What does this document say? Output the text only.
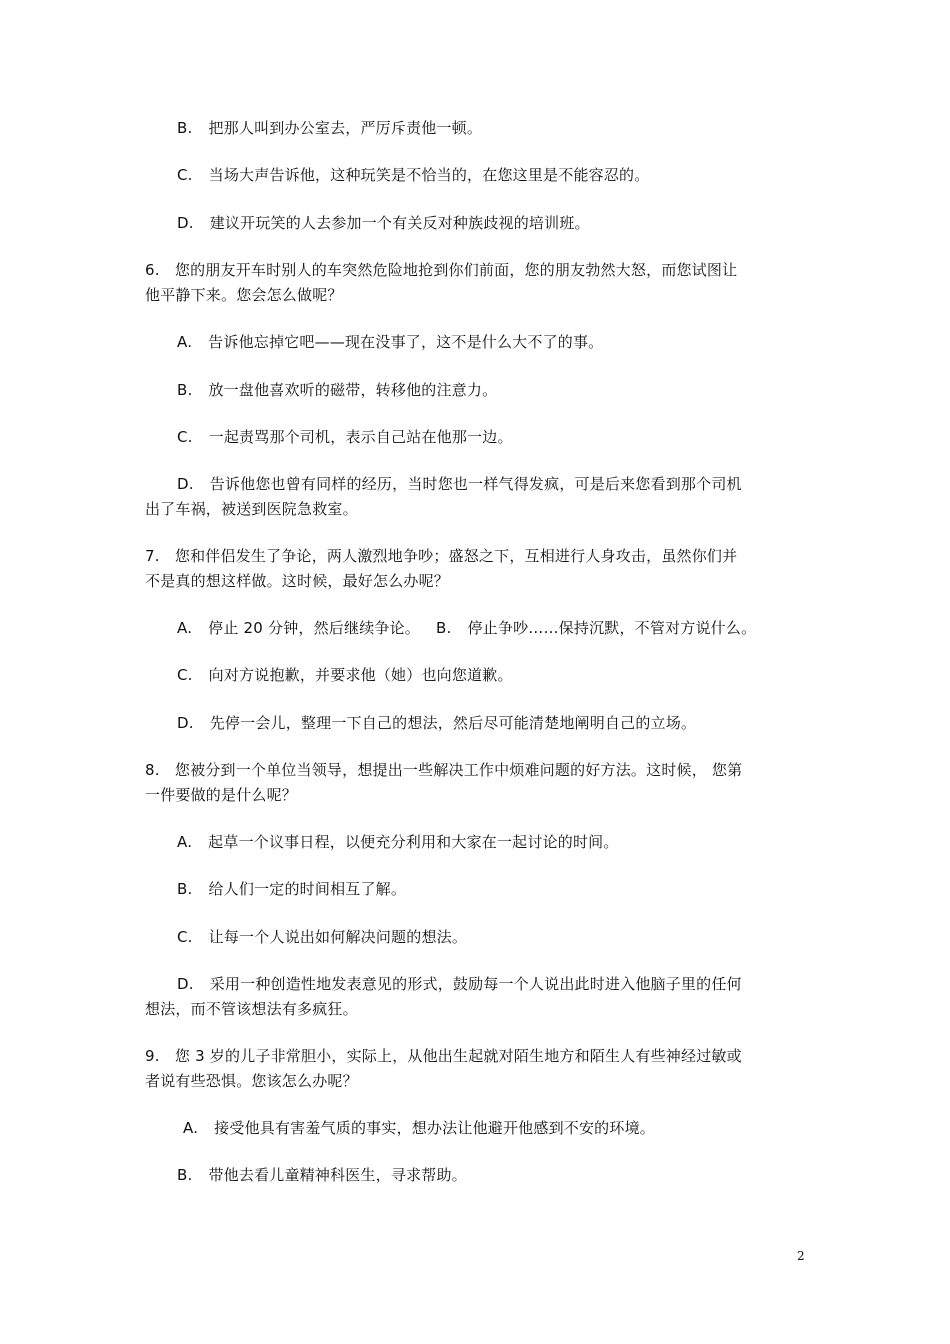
B. 把那人叫到办公室去，严厉斥责他一顿。
C. 当场大声告诉他，这种玩笑是不恰当的，在您这里是不能容忍的。
D. 建议开玩笑的人去参加一个有关反对种族歧视的培训班。
6.　您的朋友开车时别人的车突然危险地抢到你们前面，您的朋友勃然大怒，而您试图让
他平静下来。您会怎么做呢？
A. 告诉他忘掉它吧——现在没事了，这不是什么大不了的事。
B. 放一盘他喜欢听的磁带，转移他的注意力。
C. 一起责骂那个司机，表示自己站在他那一边。
D. 告诉他您也曾有同样的经历，当时您也一样气得发疯，可是后来您看到那个司机
出了车祸，被送到医院急救室。
7.　您和伴侣发生了争论，两人激烈地争吵；盛怒之下，互相进行人身攻击，虽然你们并
不是真的想这样做。这时候，最好怎么办呢？
A. 停止 20 分钟，然后继续争论。 B. 停止争吵……保持沉默，不管对方说什么。
C. 向对方说抱歉，并要求他（她）也向您道歉。
D. 先停一会儿，整理一下自己的想法，然后尽可能清楚地阐明自己的立场。
8.　您被分到一个单位当领导，想提出一些解决工作中烦难问题的好方法。这时候， 您第
一件要做的是什么呢？
A. 起草一个议事日程，以便充分利用和大家在一起讨论的时间。
B. 给人们一定的时间相互了解。
C. 让每一个人说出如何解决问题的想法。
D. 采用一种创造性地发表意见的形式，鼓励每一个人说出此时进入他脑子里的任何
想法，而不管该想法有多疯狂。
9.　您 3 岁的儿子非常胆小，实际上，从他出生起就对陌生地方和陌生人有些神经过敏或
者说有些恐惧。您该怎么办呢？
A. 接受他具有害羞气质的事实，想办法让他避开他感到不安的环境。
B. 带他去看儿童精神科医生，寻求帮助。
2
